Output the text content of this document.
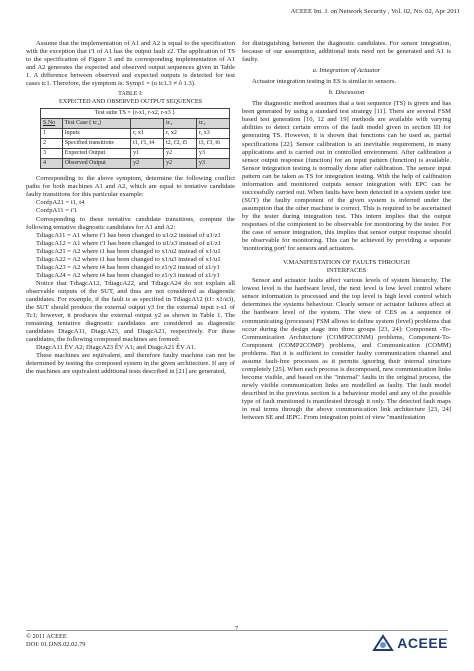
ACEEE Int. J. on Network Security , Vol. 02, No. 02, Apr 2011

Assume that the implementation of A1 and A2 is equal to the specification with the exception that t'1 of A1 has the output fault z2. The application of TS to the specification of Figure 3 and its corresponding implementation of A1 and A2 generates the expected and observed output sequences given in Table 1. A difference between observed and expected outputs is detected for test cases tc1. Therefore, the symptom is: Symp1 = (o tc1.3 ≠ ô 1.3).

TABLE I:
EXPECTED AND OBSERVED OUTPUT SEQUENCES
Test suite TS = {r-x1, r-x2, r-x3 }				
S.No	Test Case ( tc₁)		tc₂	tc₃
1	Inputs	r, x1	r, x2	r, x3
2	Specified transitions	t1, t'1, t4	t2, t'2, t5	t3, t'3, t6
3	Expected Output	y1	y2	y3
4	Observed Output	y2	y2	y3

Corresponding to the above symptom, determine the following conflict paths for both machines A1 and A2, which are equal to tentative candidate faulty transitions for this particular example:

ConfpA21 = t1, t4

ConfpA11 = t'1

Corresponding to these tentative candidate transitions, compute the following tentative diagnostic candidates for A1 and A2:

TdiagcA11 = A1 where t'1 has been changed to u1/z2 instead of u1/z1

TdiagcA12 = A1 where t'1 has been changed to u1/z3 instead of u1/z1

TdiagcA21 = A2 where t1 has been changed to x1/u2 instead of x1/u1

TdiagcA22 = A2 where t1 has been changed to x1/u3 instead of x1/u1

TdiagcA23 = A2 where t4 has been changed to z1/y2 instead of z1/y1

TdiagcA24 = A2 where t4 has been changed to z1/y3 instead of z1/y1

Notice that TdiagcA12, TdiagcA22, and TdiagcA24 do not explain all observable outputs of the SUT, and thus are not considered as diagnostic candidates. For example, if the fault is as specified in TdiagcA12 (t1: x1/u3), the SUT should produce the external output y3 for the external input r-x1 of Tc1; however, it produces the external output y2 as shown in Table 1. The remaining tentative diagnostic candidates are considered as diagnostic candidates DiagcA11, DiagcA23, and DiagcA21, respectively. For these candidates, the following composed machines are formed:

DiagcA11 ÊV A2; DiagcA23 ÊV A1; and DiagcA21 ÊV A1.

These machines are equivalent, and therefore faulty machine can not be determined by testing the composed system in the given architecture. If any of the machines are equivalent additional tests described in [21] are generated,

for distinguishing between the diagnostic candidates. For sensor integration, because of our assumption, additional tests need not be generated and A1 is faulty.

a. Integration of Actuator

Actuator integration testing in ES is similar to sensors.

b. Discussion

The diagnostic method assumes that a test sequence (TS) is given and has been generated by using a standard test strategy [11]. There are several FSM based test generation [10, 12 and 19] methods are available with varying abilities to detect certain errors of the fault model given in section III for generating TS. However, it is shown that functions can be used as, partial specifications [22]. Sensor calibration is an inevitable requirement, in many applications and is carried out in controlled environment. After calibration a sensor output response (function) for an input pattern (function) is available. Sensor integration testing is normally done after calibration. The sensor input pattern can be taken as TS for integration testing. With the help of calibration information and monitored outputs sensor integration with EPC can be successfully carried out. When faults have been detected in a system under test (SUT) the faulty component of the given system is inferred under the assumption that the other machine is correct. This is required to be ascertained by the tester during integration test. This intern implies that the output responses of the component to be observable for monitoring by the tester. For the case of sensor integration, this implies that sensor output response should be observable for monitoring. This can be achieved by providing a separate 'monitoring port' for sensors and actuators.

V.MANIFESTATION OF FAULTS THROUGH
INTERFACES

Sensor and actuator faults affect various levels of system hierarchy. The lowest level is the hardware level, the next level is low level control where sensor information is processed and the top level is high level control which determines the systems behaviour. Clearly sensor or actuator failures affect at the hardware level of the system. The view of CES as a sequence of communicating (processes) FSM allows to define system (level) problems that occur during the design stage into three groups [23, 24]: Component -To-Communication Architecture (COMP2CONM) problems, Component-To- Component (COMP2COMP) problems, and Communication (COMM) problems. But it is sufficient to consider faulty communication channel and assume fault-free processes as it permits ignoring their internal structure completely [25]. When each process is decomposed, new communication links become visible, and based on the "internal" faults in the original process, the newly visible communication links are modelled as faulty. The fault model described in the previous section is a behaviour model and any of the possible type of fault mentioned is manifested through it only. The detected fault maps in real terms through the above communication link architecture [23, 24] between SE and IEPC. From integration point of view "manifestation

7
© 2011 ACEEE
DOI: 01.IJNS.02.02.79	ACEEE
